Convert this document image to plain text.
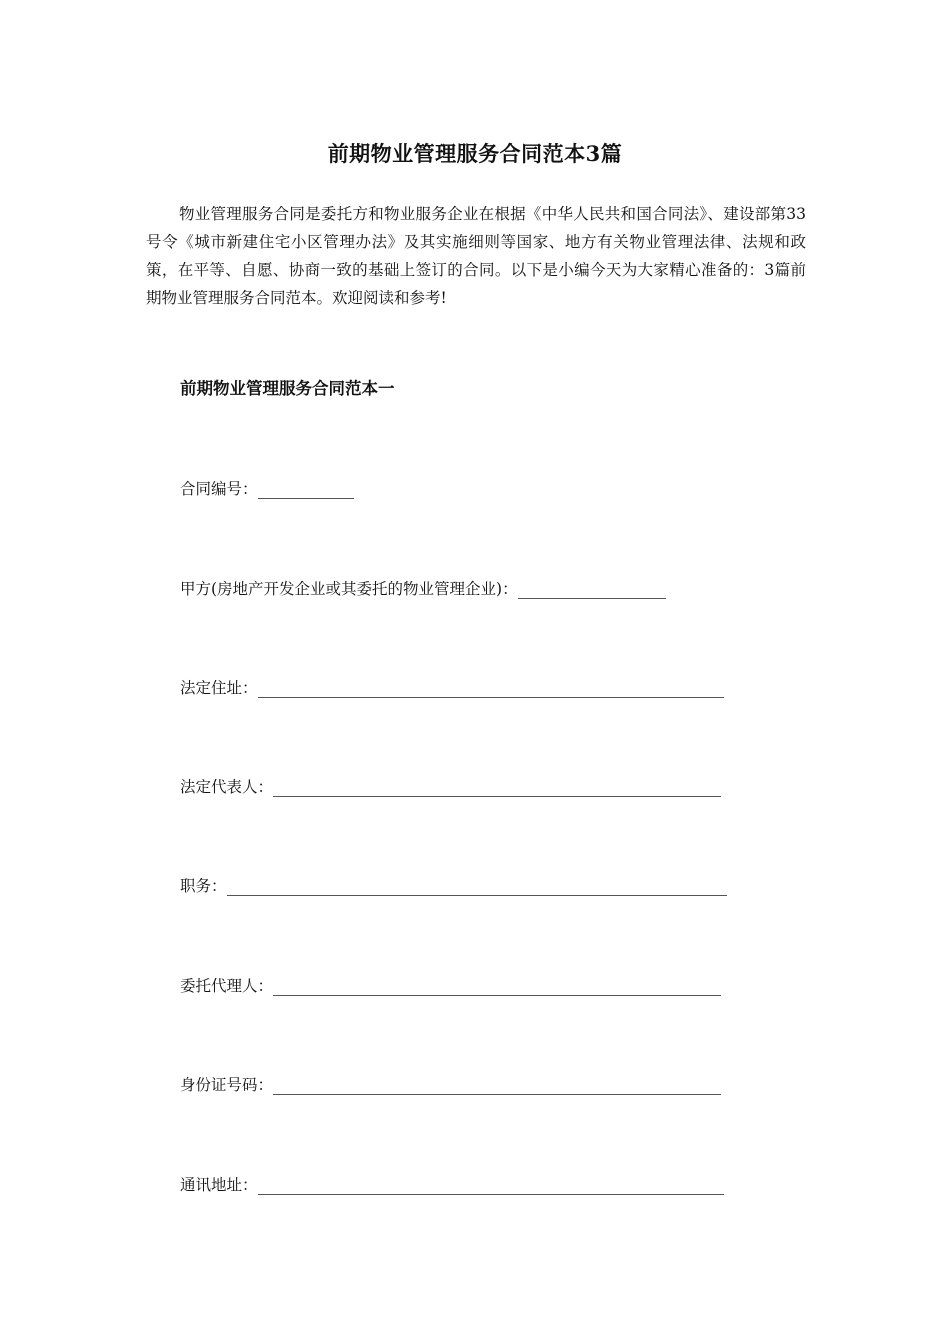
前期物业管理服务合同范本3篇

物业管理服务合同是委托方和物业服务企业在根据《中华人民共和国合同法》、建设部第33号令《城市新建住宅小区管理办法》及其实施细则等国家、地方有关物业管理法律、法规和政策，在平等、自愿、协商一致的基础上签订的合同。以下是小编今天为大家精心准备的：3篇前期物业管理服务合同范本。欢迎阅读和参考!

前期物业管理服务合同范本一
合同编号：
甲方(房地产开发企业或其委托的物业管理企业)：
法定住址：
法定代表人：
职务：
委托代理人：
身份证号码：
通讯地址：
